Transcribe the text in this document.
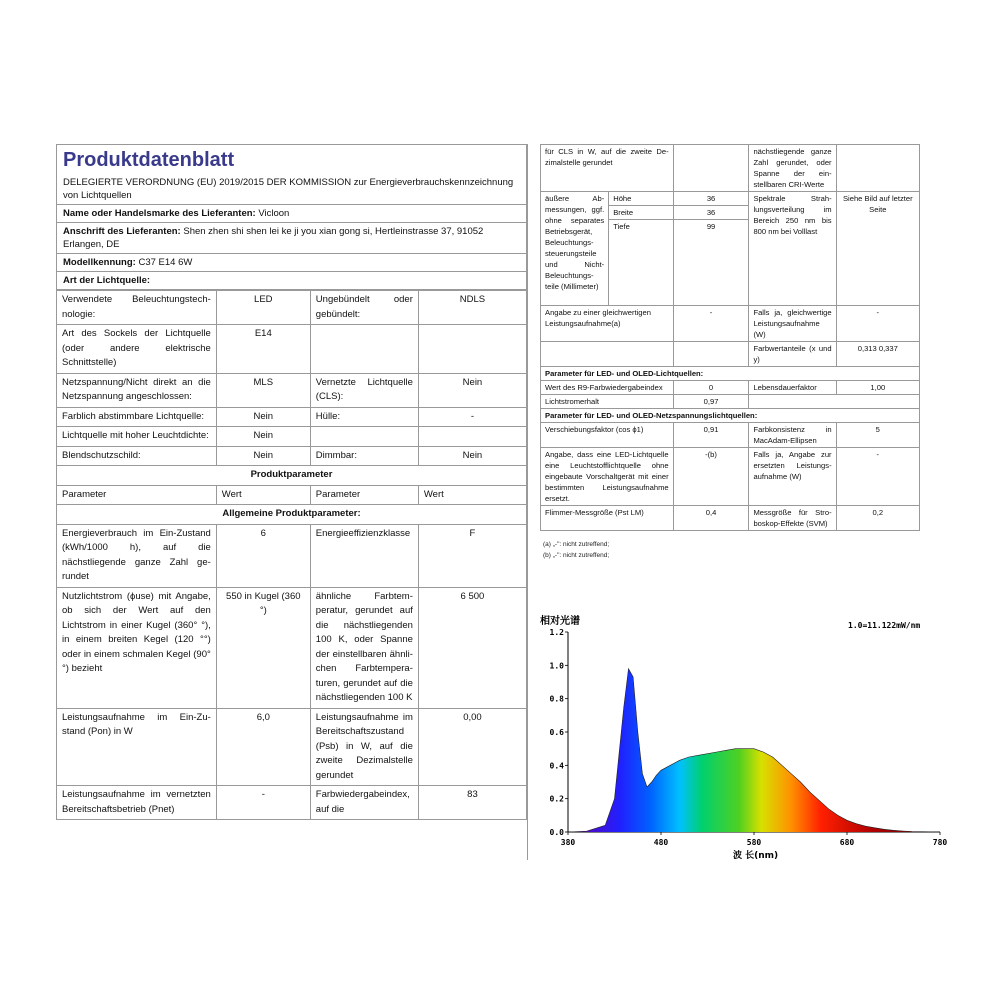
Produktdatenblatt
DELEGIERTE VERORDNUNG (EU) 2019/2015 DER KOMMISSION zur Energieverbrauchskennzeichnung von Lichtquellen
Name oder Handelsmarke des Lieferanten: Vicloon
Anschrift des Lieferanten: Shen zhen shi shen lei ke ji you xian gong si, Hertleinstrasse 37, 91052 Erlangen, DE
Modellkennung: C37 E14 6W
Art der Lichtquelle:
Verwendete Beleuchtungstechnologie:	LED	Ungebündelt oder gebündelt:	NDLS
Art des Sockels der Lichtquelle (oder andere elektrische Schnittstelle)	E14		
Netzspannung/Nicht direkt an die Netzspannung angeschlossen:	MLS	Vernetzte Lichtquelle (CLS):	Nein
Farblich abstimmbare Lichtquelle:	Nein	Hülle:	-
Lichtquelle mit hoher Leuchtdichte:	Nein		
Blendschutzschild:	Nein	Dimmbar:	Nein
Produktparameter			
Parameter	Wert	Parameter	Wert
Allgemeine Produktparameter:			
Energieverbrauch im Ein-Zustand (kWh/1000 h), auf die nächstliegende ganze Zahl gerundet	6	Energieeffizienzklasse	F
Nutzlichtstrom (ϕuse) mit Angabe, ob sich der Wert auf den Lichtstrom in einer Kugel (360° °), in einem breiten Kegel (120 °°) oder in einem schmalen Kegel (90° °) bezieht	550 in Kugel (360 °)	ähnliche Farbtemperatur, gerundet auf die nächstliegenden 100 K, oder Spanne der einstellbaren ähnlichen Farbtemperaturen, gerundet auf die nächstliegenden 100 K	6 500
Leistungsaufnahme im Ein-Zustand (Pon) in W	6,0	Leistungsaufnahme im Bereitschaftszustand (Psb) in W, auf die zweite Dezimalstelle gerundet	0,00
Leistungsaufnahme im vernetzten Bereitschaftsbetrieb (Pnet)	-	Farbwiedergabeindex, auf die	83
für CLS in W, auf die zweite Dezimalstelle gerundet			nächstliegende ganze Zahl gerundet, oder Spanne der einstellbaren CRI-Werte	
äußere Abmessungen, ggf. ohne separates Betriebsgerät, Beleuchtungssteuerungsteile und Nicht-Beleuchtungsteile (Millimeter)	Höhe	36	Spektrale Strahlungsverteilung im Bereich 250 nm bis 800 nm bei Volllast	Siehe Bild auf letzter Seite
	Breite	36		
	Tiefe	99		
Angabe zu einer gleichwertigen Leistungsaufnahme(a)		-	Falls ja, gleichwertige Leistungsaufnahme (W)	-
			Farbwertanteile (x und y)	0,313 0,337
Parameter für LED- und OLED-Lichtquellen:				
Wert des R9-Farbwiedergabeindex		0	Lebensdauerfaktor	1,00
Lichtstromerhalt		0,97		
Parameter für LED- und OLED-Netzspannungslichtquellen:				
Verschiebungsfaktor (cos ϕ1)		0,91	Farbkonsistenz in MacAdam-Ellipsen	5
Angabe, dass eine LED-Lichtquelle eine Leuchtstofflichtquelle ohne eingebaute Vorschaltgerät mit einer bestimmten Leistungsaufnahme ersetzt.		-(b)	Falls ja, Angabe zur ersetzten Leistungsaufnahme (W)	-
Flimmer-Messgröße (Pst LM)		0,4	Messgröße für Stroboskop-Effekte (SVM)	0,2
(a) „-": nicht zutreffend;
(b) „-": nicht zutreffend;
相对光谱	1.0=11.122mW/nm
0.0
0.2
0.4
0.6
0.8
1.0
1.2
380	480	580	680	780
波 长(nm)
